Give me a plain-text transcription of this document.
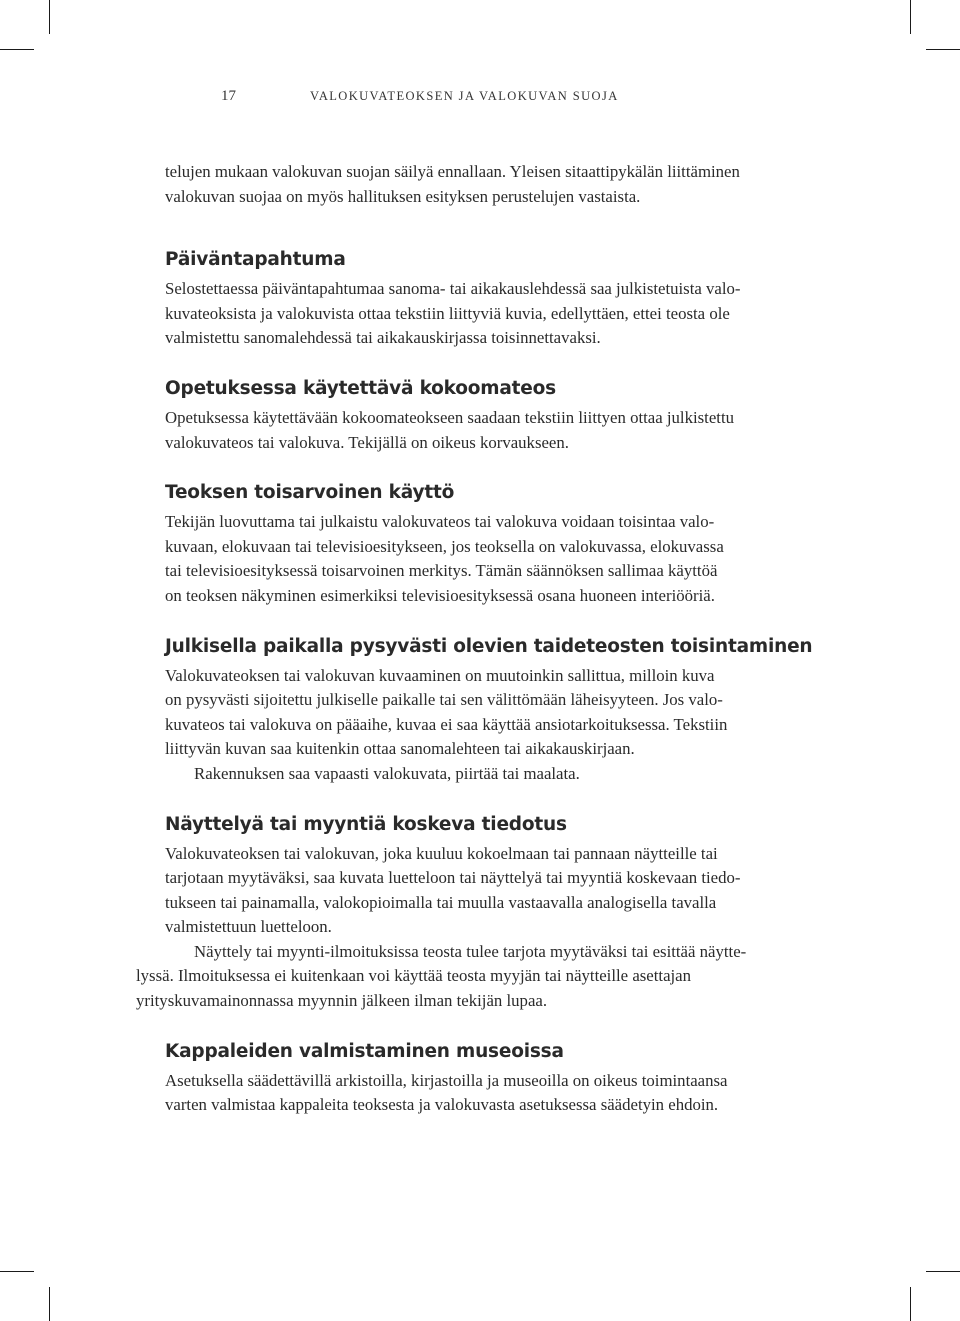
17	VALOKUVATEOKSEN JA VALOKUVAN SUOJA

telujen mukaan valokuvan suojan säilyä ennallaan. Yleisen sitaattipykälän liittäminen
valokuvan suojaa on myös hallituksen esityksen perustelujen vastaista.

Päiväntapahtuma

Selostettaessa päiväntapahtumaa sanoma- tai aikakauslehdessä saa julkistetuista valo-
kuvateoksista ja valokuvista ottaa tekstiin liittyviä kuvia, edellyttäen, ettei teosta ole
valmistettu sanomalehdessä tai aikakauskirjassa toisinnettavaksi.

Opetuksessa käytettävä kokoomateos

Opetuksessa käytettävään kokoomateokseen saadaan tekstiin liittyen ottaa julkistettu
valokuvateos tai valokuva. Tekijällä on oikeus korvaukseen.

Teoksen toisarvoinen käyttö

Tekijän luovuttama tai julkaistu valokuvateos tai valokuva voidaan toisintaa valo-
kuvaan, elokuvaan tai televisioesitykseen, jos teoksella on valokuvassa, elokuvassa
tai televisioesityksessä toisarvoinen merkitys. Tämän säännöksen sallimaa käyttöä
on teoksen näkyminen esimerkiksi televisioesityksessä osana huoneen interiööriä.

Julkisella paikalla pysyvästi olevien taideteosten toisintaminen

Valokuvateoksen tai valokuvan kuvaaminen on muutoinkin sallittua, milloin kuva
on pysyvästi sijoitettu julkiselle paikalle tai sen välittömään läheisyyteen. Jos valo-
kuvateos tai valokuva on pääaihe, kuvaa ei saa käyttää ansiotarkoituksessa. Tekstiin
liittyvän kuvan saa kuitenkin ottaa sanomalehteen tai aikakauskirjaan.

Rakennuksen saa vapaasti valokuvata, piirtää tai maalata.

Näyttelyä tai myyntiä koskeva tiedotus

Valokuvateoksen tai valokuvan, joka kuuluu kokoelmaan tai pannaan näytteille tai
tarjotaan myytäväksi, saa kuvata luetteloon tai näyttelyä tai myyntiä koskevaan tiedo-
tukseen tai painamalla, valokopioimalla tai muulla vastaavalla analogisella tavalla
valmistettuun luetteloon.

Näyttely tai myynti-ilmoituksissa teosta tulee tarjota myytäväksi tai esittää näytte-
lyssä. Ilmoituksessa ei kuitenkaan voi käyttää teosta myyjän tai näytteille asettajan
yrityskuvamainonnassa myynnin jälkeen ilman tekijän lupaa.

Kappaleiden valmistaminen museoissa

Asetuksella säädettävillä arkistoilla, kirjastoilla ja museoilla on oikeus toimintaansa
varten valmistaa kappaleita teoksesta ja valokuvasta asetuksessa säädetyin ehdoin.
